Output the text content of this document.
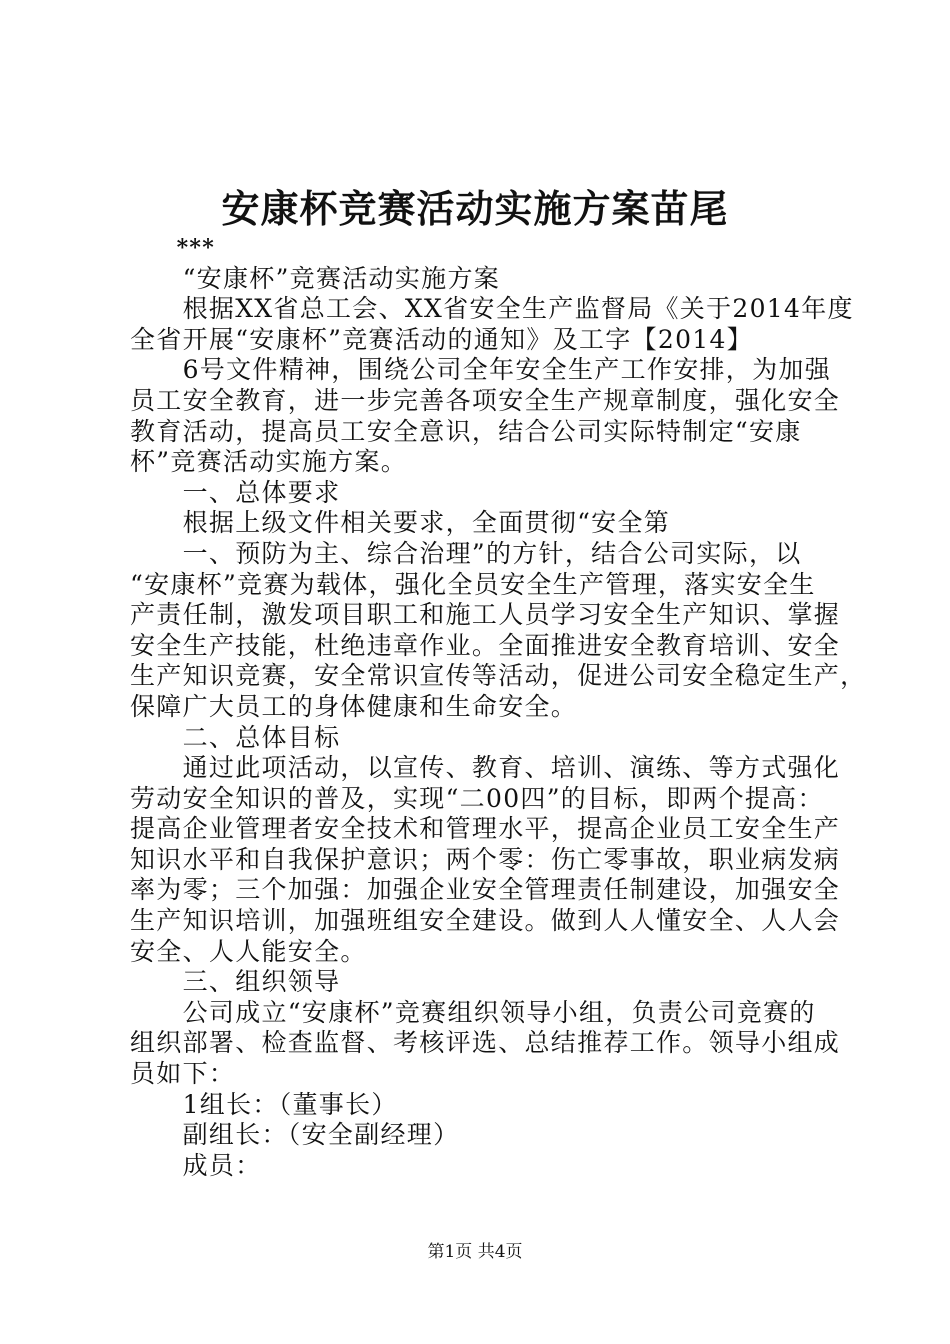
安康杯竞赛活动实施方案苗尾
　　***
　　“安康杯”竞赛活动实施方案
　　根据XX省总工会、XX省安全生产监督局《关于2014年度
全省开展“安康杯”竞赛活动的通知》及工字【2014】
　　6号文件精神，围绕公司全年安全生产工作安排，为加强
员工安全教育，进一步完善各项安全生产规章制度，强化安全
教育活动，提高员工安全意识，结合公司实际特制定“安康
杯”竞赛活动实施方案。
　　一、总体要求
　　根据上级文件相关要求，全面贯彻“安全第
　　一、预防为主、综合治理”的方针，结合公司实际，以
“安康杯”竞赛为载体，强化全员安全生产管理，落实安全生
产责任制，激发项目职工和施工人员学习安全生产知识、掌握
安全生产技能，杜绝违章作业。全面推进安全教育培训、安全
生产知识竞赛，安全常识宣传等活动，促进公司安全稳定生产，
保障广大员工的身体健康和生命安全。
　　二、总体目标
　　通过此项活动，以宣传、教育、培训、演练、等方式强化
劳动安全知识的普及，实现“二00四”的目标，即两个提高：
提高企业管理者安全技术和管理水平，提高企业员工安全生产
知识水平和自我保护意识；两个零：伤亡零事故，职业病发病
率为零；三个加强：加强企业安全管理责任制建设，加强安全
生产知识培训，加强班组安全建设。做到人人懂安全、人人会
安全、人人能安全。
　　三、组织领导
　　公司成立“安康杯”竞赛组织领导小组，负责公司竞赛的
组织部署、检查监督、考核评选、总结推荐工作。领导小组成
员如下：
　　1组长：（董事长）
　　副组长：（安全副经理）
　　成员：
第1页 共4页
